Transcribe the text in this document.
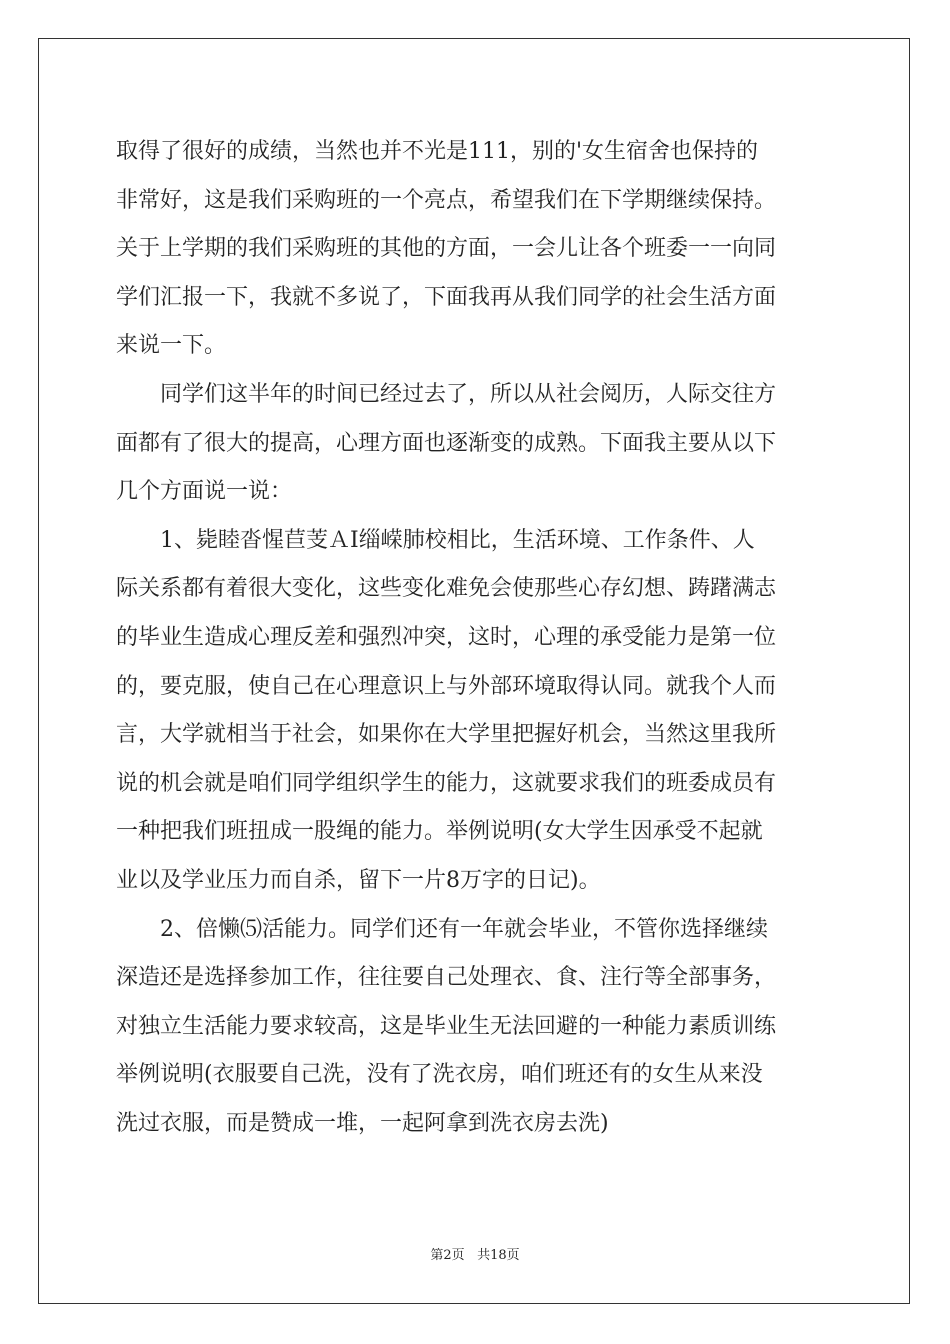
取得了很好的成绩，当然也并不光是111，别的'女生宿舍也保持的
非常好，这是我们采购班的一个亮点，希望我们在下学期继续保持。
关于上学期的我们采购班的其他的方面，一会儿让各个班委一一向同
学们汇报一下，我就不多说了，下面我再从我们同学的社会生活方面
来说一下。
同学们这半年的时间已经过去了，所以从社会阅历，人际交往方
面都有了很大的提高，心理方面也逐渐变的成熟。下面我主要从以下
几个方面说一说：
1、毙睦沓惺苣芰ＡⅠ缁嵘肺校相比，生活环境、工作条件、人
际关系都有着很大变化，这些变化难免会使那些心存幻想、踌躇满志
的毕业生造成心理反差和强烈冲突，这时，心理的承受能力是第一位
的，要克服，使自己在心理意识上与外部环境取得认同。就我个人而
言，大学就相当于社会，如果你在大学里把握好机会，当然这里我所
说的机会就是咱们同学组织学生的能力，这就要求我们的班委成员有
一种把我们班扭成一股绳的能力。举例说明(女大学生因承受不起就
业以及学业压力而自杀，留下一片8万字的日记)。
2、倍懒⑸活能力。同学们还有一年就会毕业，不管你选择继续
深造还是选择参加工作，往往要自己处理衣、食、注行等全部事务，
对独立生活能力要求较高，这是毕业生无法回避的一种能力素质训练
举例说明(衣服要自己洗，没有了洗衣房，咱们班还有的女生从来没
洗过衣服，而是赞成一堆，一起阿拿到洗衣房去洗)
第2页 共18页
